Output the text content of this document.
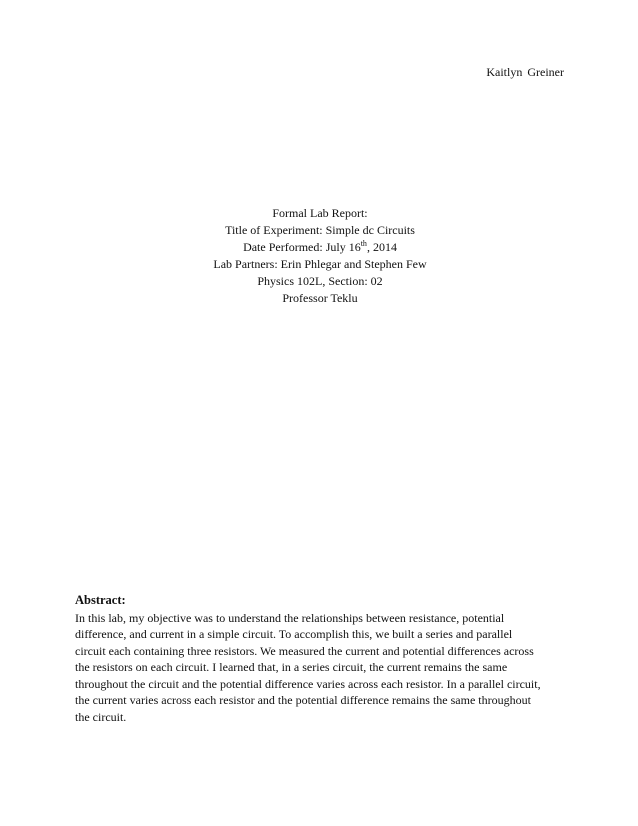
Kaitlyn Greiner
Formal Lab Report:
Title of Experiment: Simple dc Circuits
Date Performed: July 16th, 2014
Lab Partners: Erin Phlegar and Stephen Few
Physics 102L, Section: 02
Professor Teklu
Abstract:
In this lab, my objective was to understand the relationships between resistance, potential
difference, and current in a simple circuit. To accomplish this, we built a series and parallel
circuit each containing three resistors. We measured the current and potential differences across
the resistors on each circuit. I learned that, in a series circuit, the current remains the same
throughout the circuit and the potential difference varies across each resistor. In a parallel circuit,
the current varies across each resistor and the potential difference remains the same throughout
the circuit.
